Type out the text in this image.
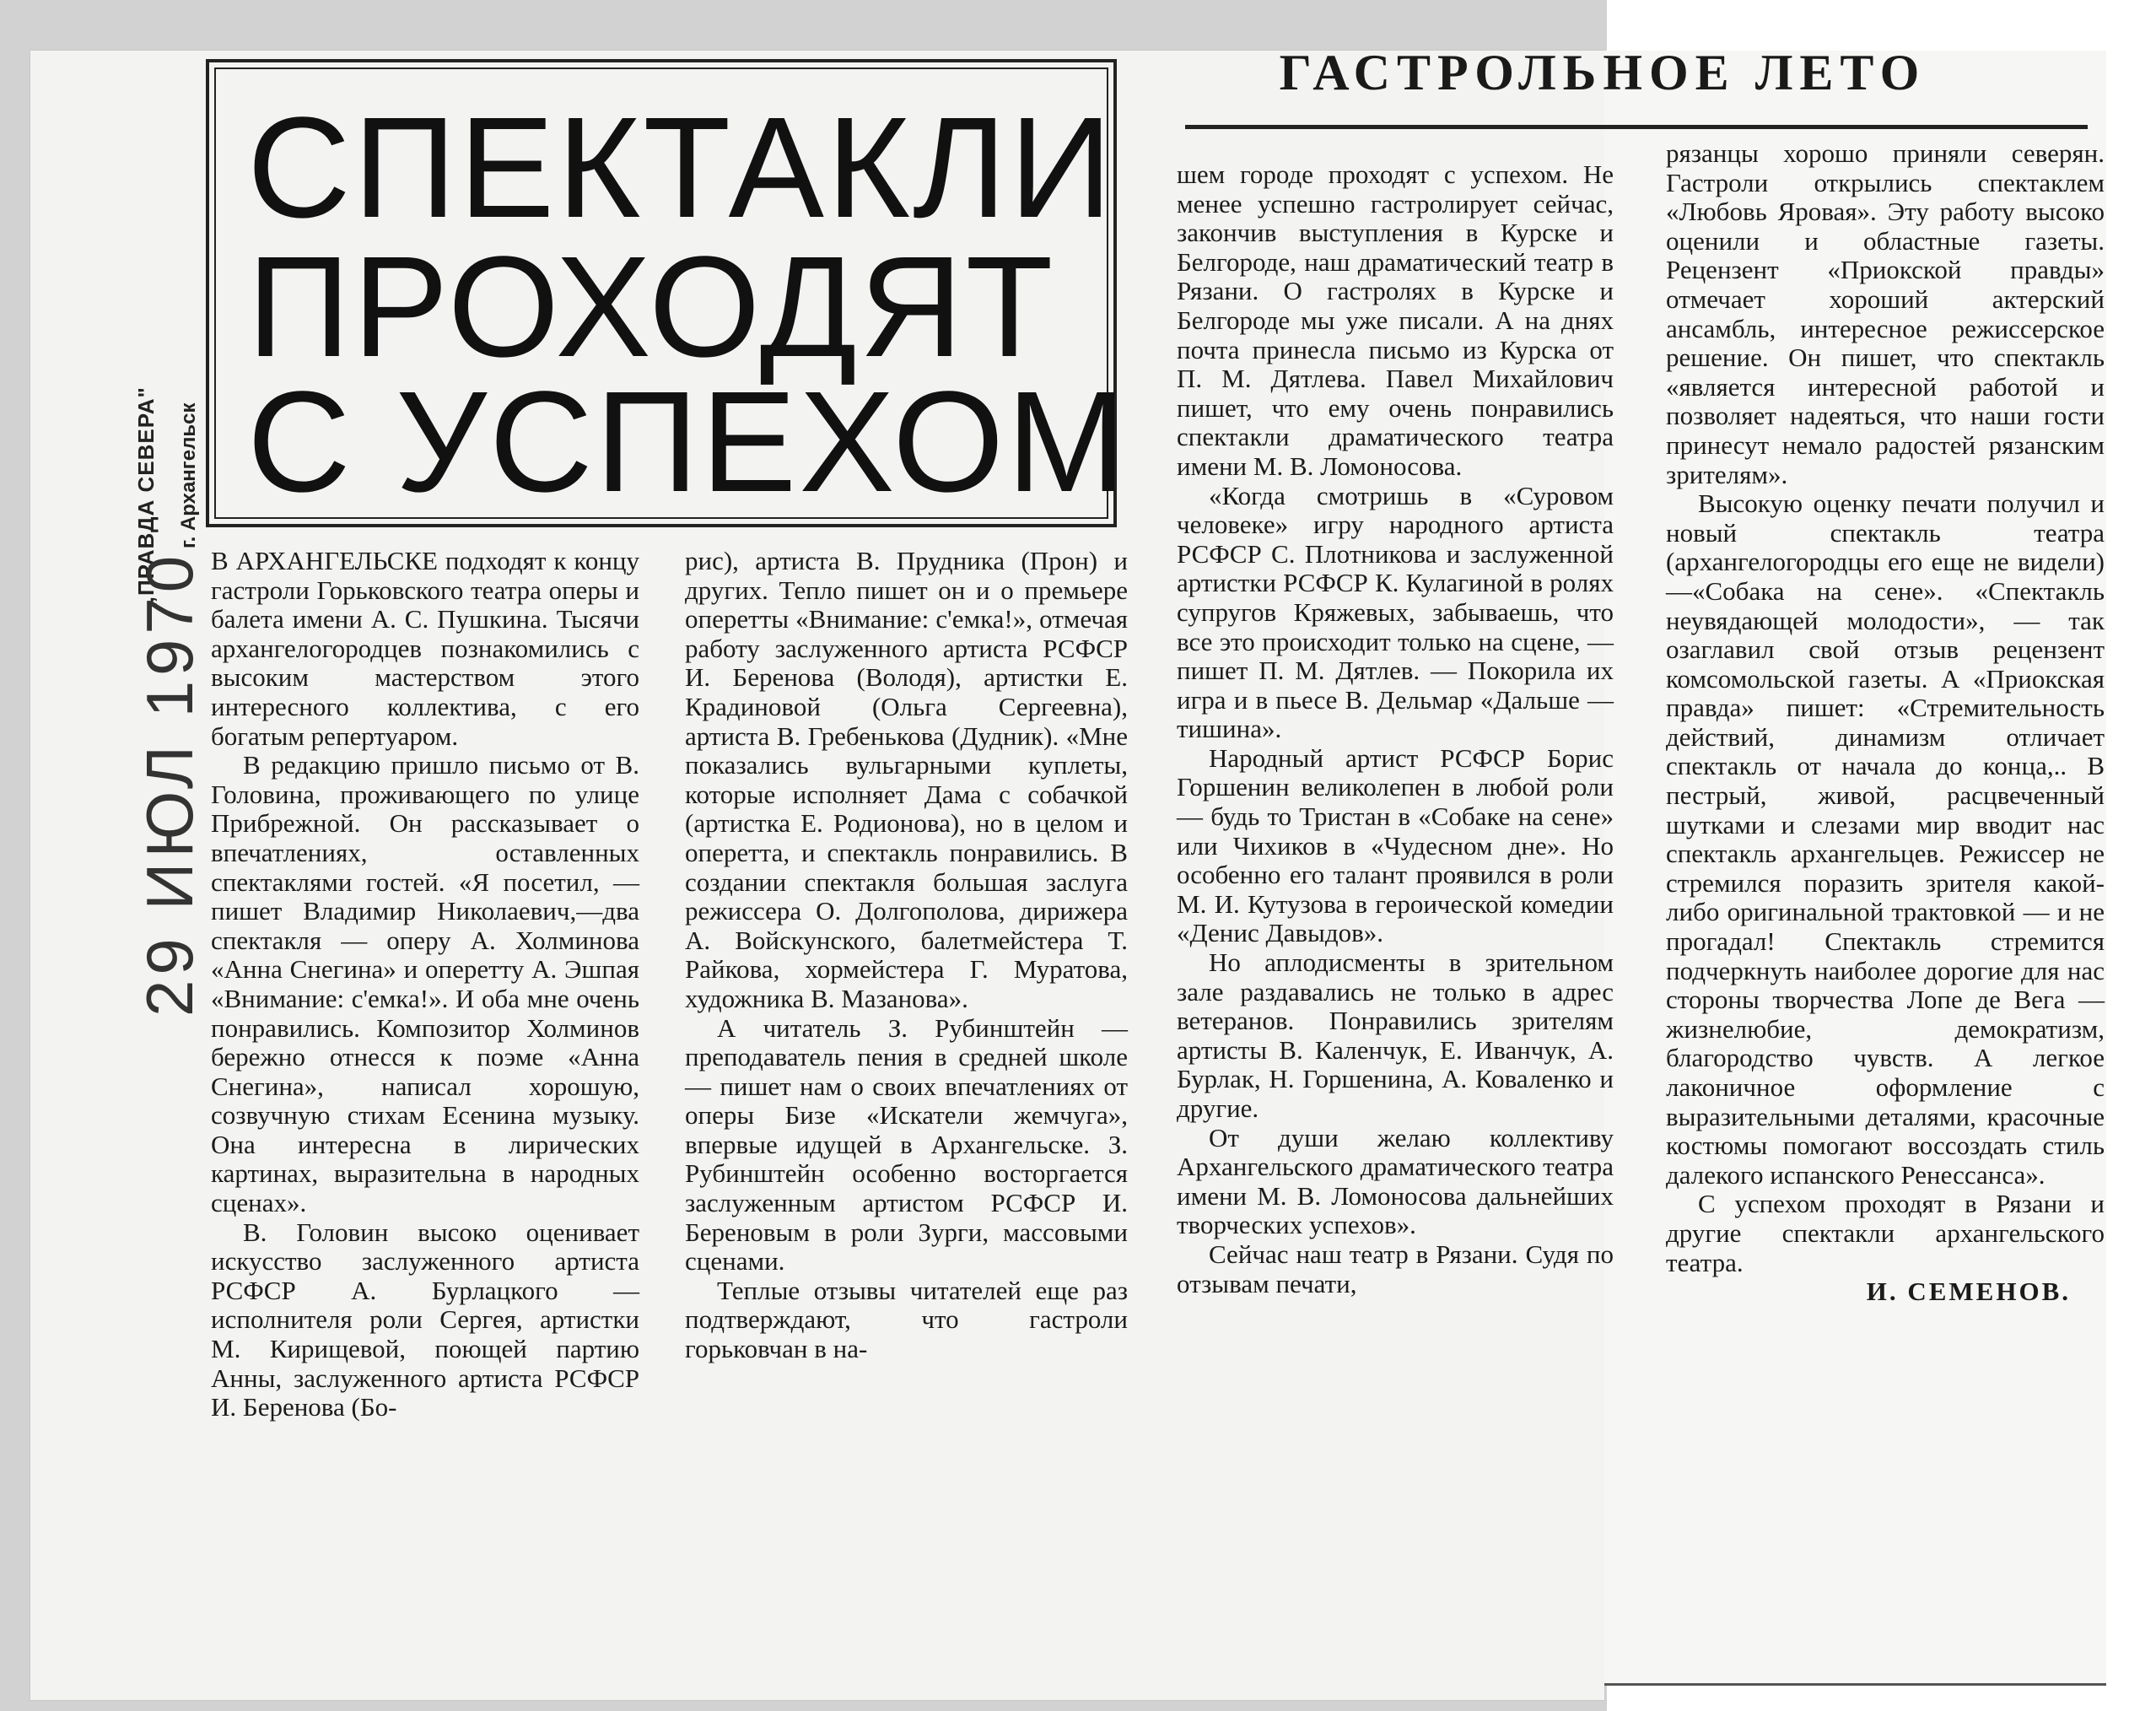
„ПРАВДА СЕВЕРА" г. Архангельск
29 ИЮЛ 1970
СПЕКТАКЛИ
ПРОХОДЯТ
С УСПЕХОМ
ГАСТРОЛЬНОЕ ЛЕТО

В АРХАНГЕЛЬСКЕ подходят к концу гастроли Горьковского театра оперы и балета имени А. С. Пушкина. Тысячи архангелогородцев познакомились с высоким мастерством этого интересного коллектива, с его богатым репертуаром.

В редакцию пришло письмо от В. Головина, проживающего по улице Прибрежной. Он рассказывает о впечатлениях, оставленных спектаклями гостей. «Я посетил, — пишет Владимир Николаевич,—два спектакля — оперу А. Холминова «Анна Снегина» и оперетту А. Эшпая «Внимание: с'емка!». И оба мне очень понравились. Композитор Холминов бережно отнесся к поэме «Анна Снегина», написал хорошую, созвучную стихам Есенина музыку. Она интересна в лирических картинах, выразительна в народных сценах».

В. Головин высоко оценивает искусство заслуженного артиста РСФСР А. Бурлацкого — исполнителя роли Сергея, артистки М. Кирищевой, поющей партию Анны, заслуженного артиста РСФСР И. Беренова (Бо-

рис), артиста В. Прудника (Прон) и других. Тепло пишет он и о премьере оперетты «Внимание: с'емка!», отмечая работу заслуженного артиста РСФСР И. Беренова (Володя), артистки Е. Крадиновой (Ольга Сергеевна), артиста В. Гребенькова (Дудник). «Мне показались вульгарными куплеты, которые исполняет Дама с собачкой (артистка Е. Родионова), но в целом и оперетта, и спектакль понравились. В создании спектакля большая заслуга режиссера О. Долгополова, дирижера А. Войскунского, балетмейстера Т. Райкова, хормейстера Г. Муратова, художника В. Мазанова».

А читатель З. Рубинштейн — преподаватель пения в средней школе — пишет нам о своих впечатлениях от оперы Бизе «Искатели жемчуга», впервые идущей в Архангельске. З. Рубинштейн особенно восторгается заслуженным артистом РСФСР И. Береновым в роли Зурги, массовыми сценами.

Теплые отзывы читателей еще раз подтверждают, что гастроли горьковчан в на-

шем городе проходят с успехом. Не менее успешно гастролирует сейчас, закончив выступления в Курске и Белгороде, наш драматический театр в Рязани. О гастролях в Курске и Белгороде мы уже писали. А на днях почта принесла письмо из Курска от П. М. Дятлева. Павел Михайлович пишет, что ему очень понравились спектакли драматического театра имени М. В. Ломоносова.

«Когда смотришь в «Суровом человеке» игру народного артиста РСФСР С. Плотникова и заслуженной артистки РСФСР К. Кулагиной в ролях супругов Кряжевых, забываешь, что все это происходит только на сцене, — пишет П. М. Дятлев. — Покорила их игра и в пьесе В. Дельмар «Дальше — тишина».

Народный артист РСФСР Борис Горшенин великолепен в любой роли — будь то Тристан в «Собаке на сене» или Чихиков в «Чудесном дне». Но особенно его талант проявился в роли М. И. Кутузова в героической комедии «Денис Давыдов».

Но аплодисменты в зрительном зале раздавались не только в адрес ветеранов. Понравились зрителям артисты В. Каленчук, Е. Иванчук, А. Бурлак, Н. Горшенина, А. Коваленко и другие.

От души желаю коллективу Архангельского драматического театра имени М. В. Ломоносова дальнейших творческих успехов».

Сейчас наш театр в Рязани. Судя по отзывам печати,

рязанцы хорошо приняли северян. Гастроли открылись спектаклем «Любовь Яровая». Эту работу высоко оценили и областные газеты. Рецензент «Приокской правды» отмечает хороший актерский ансамбль, интересное режиссерское решение. Он пишет, что спектакль «является интересной работой и позволяет надеяться, что наши гости принесут немало радостей рязанским зрителям».

Высокую оценку печати получил и новый спектакль театра (архангелогородцы его еще не видели)—«Собака на сене». «Спектакль неувядающей молодости», — так озаглавил свой отзыв рецензент комсомольской газеты. А «Приокская правда» пишет: «Стремительность действий, динамизм отличает спектакль от начала до конца,.. В пестрый, живой, расцвеченный шутками и слезами мир вводит нас спектакль архангельцев. Режиссер не стремился поразить зрителя какой-либо оригинальной трактовкой — и не прогадал! Спектакль стремится подчеркнуть наиболее дорогие для нас стороны творчества Лопе де Вега — жизнелюбие, демократизм, благородство чувств. А легкое лаконичное оформление с выразительными деталями, красочные костюмы помогают воссоздать стиль далекого испанского Ренессанса».

С успехом проходят в Рязани и другие спектакли архангельского театра.

И. СЕМЕНОВ.
